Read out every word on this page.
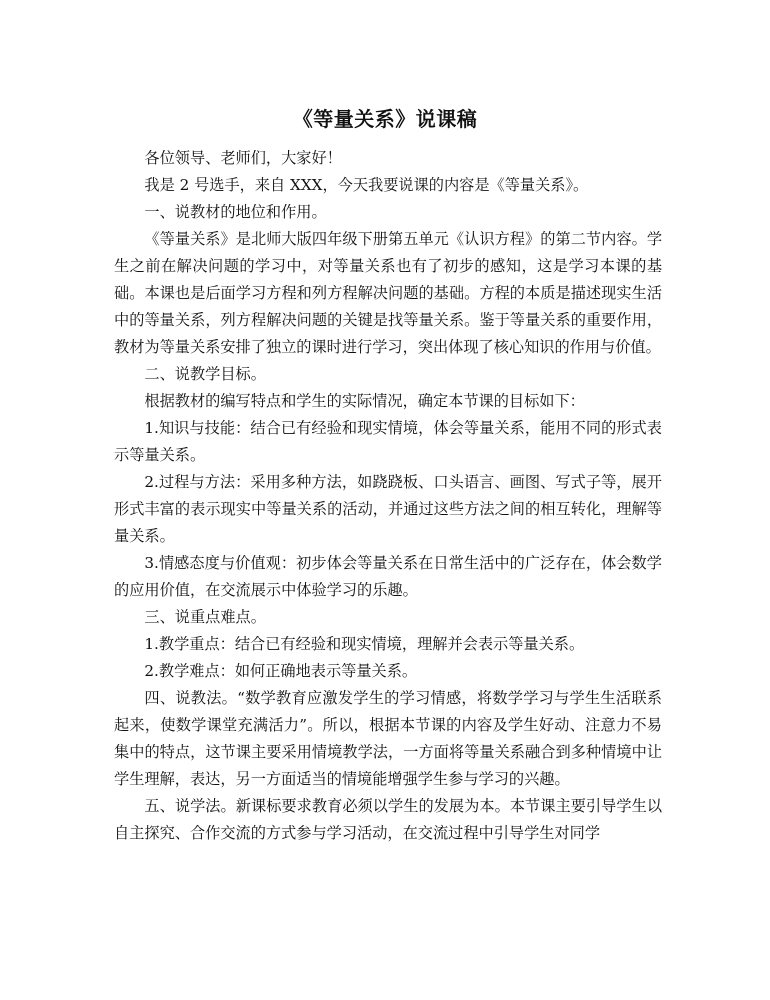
《等量关系》说课稿

各位领导、老师们，大家好！

我是 2 号选手，来自 XXX，今天我要说课的内容是《等量关系》。

一、说教材的地位和作用。

《等量关系》是北师大版四年级下册第五单元《认识方程》的第二节内容。学生之前在解决问题的学习中，对等量关系也有了初步的感知，这是学习本课的基础。本课也是后面学习方程和列方程解决问题的基础。方程的本质是描述现实生活中的等量关系，列方程解决问题的关键是找等量关系。鉴于等量关系的重要作用，教材为等量关系安排了独立的课时进行学习，突出体现了核心知识的作用与价值。

二、说教学目标。

根据教材的编写特点和学生的实际情况，确定本节课的目标如下：

1.知识与技能：结合已有经验和现实情境，体会等量关系，能用不同的形式表示等量关系。

2.过程与方法：采用多种方法，如跷跷板、口头语言、画图、写式子等，展开形式丰富的表示现实中等量关系的活动，并通过这些方法之间的相互转化，理解等量关系。

3.情感态度与价值观：初步体会等量关系在日常生活中的广泛存在，体会数学的应用价值，在交流展示中体验学习的乐趣。

三、说重点难点。

1.教学重点：结合已有经验和现实情境，理解并会表示等量关系。

2.教学难点：如何正确地表示等量关系。

四、说教法。“数学教育应激发学生的学习情感，将数学学习与学生生活联系起来，使数学课堂充满活力”。所以，根据本节课的内容及学生好动、注意力不易集中的特点，这节课主要采用情境教学法，一方面将等量关系融合到多种情境中让学生理解，表达，另一方面适当的情境能增强学生参与学习的兴趣。

五、说学法。新课标要求教育必须以学生的发展为本。本节课主要引导学生以自主探究、合作交流的方式参与学习活动，在交流过程中引导学生对同学
